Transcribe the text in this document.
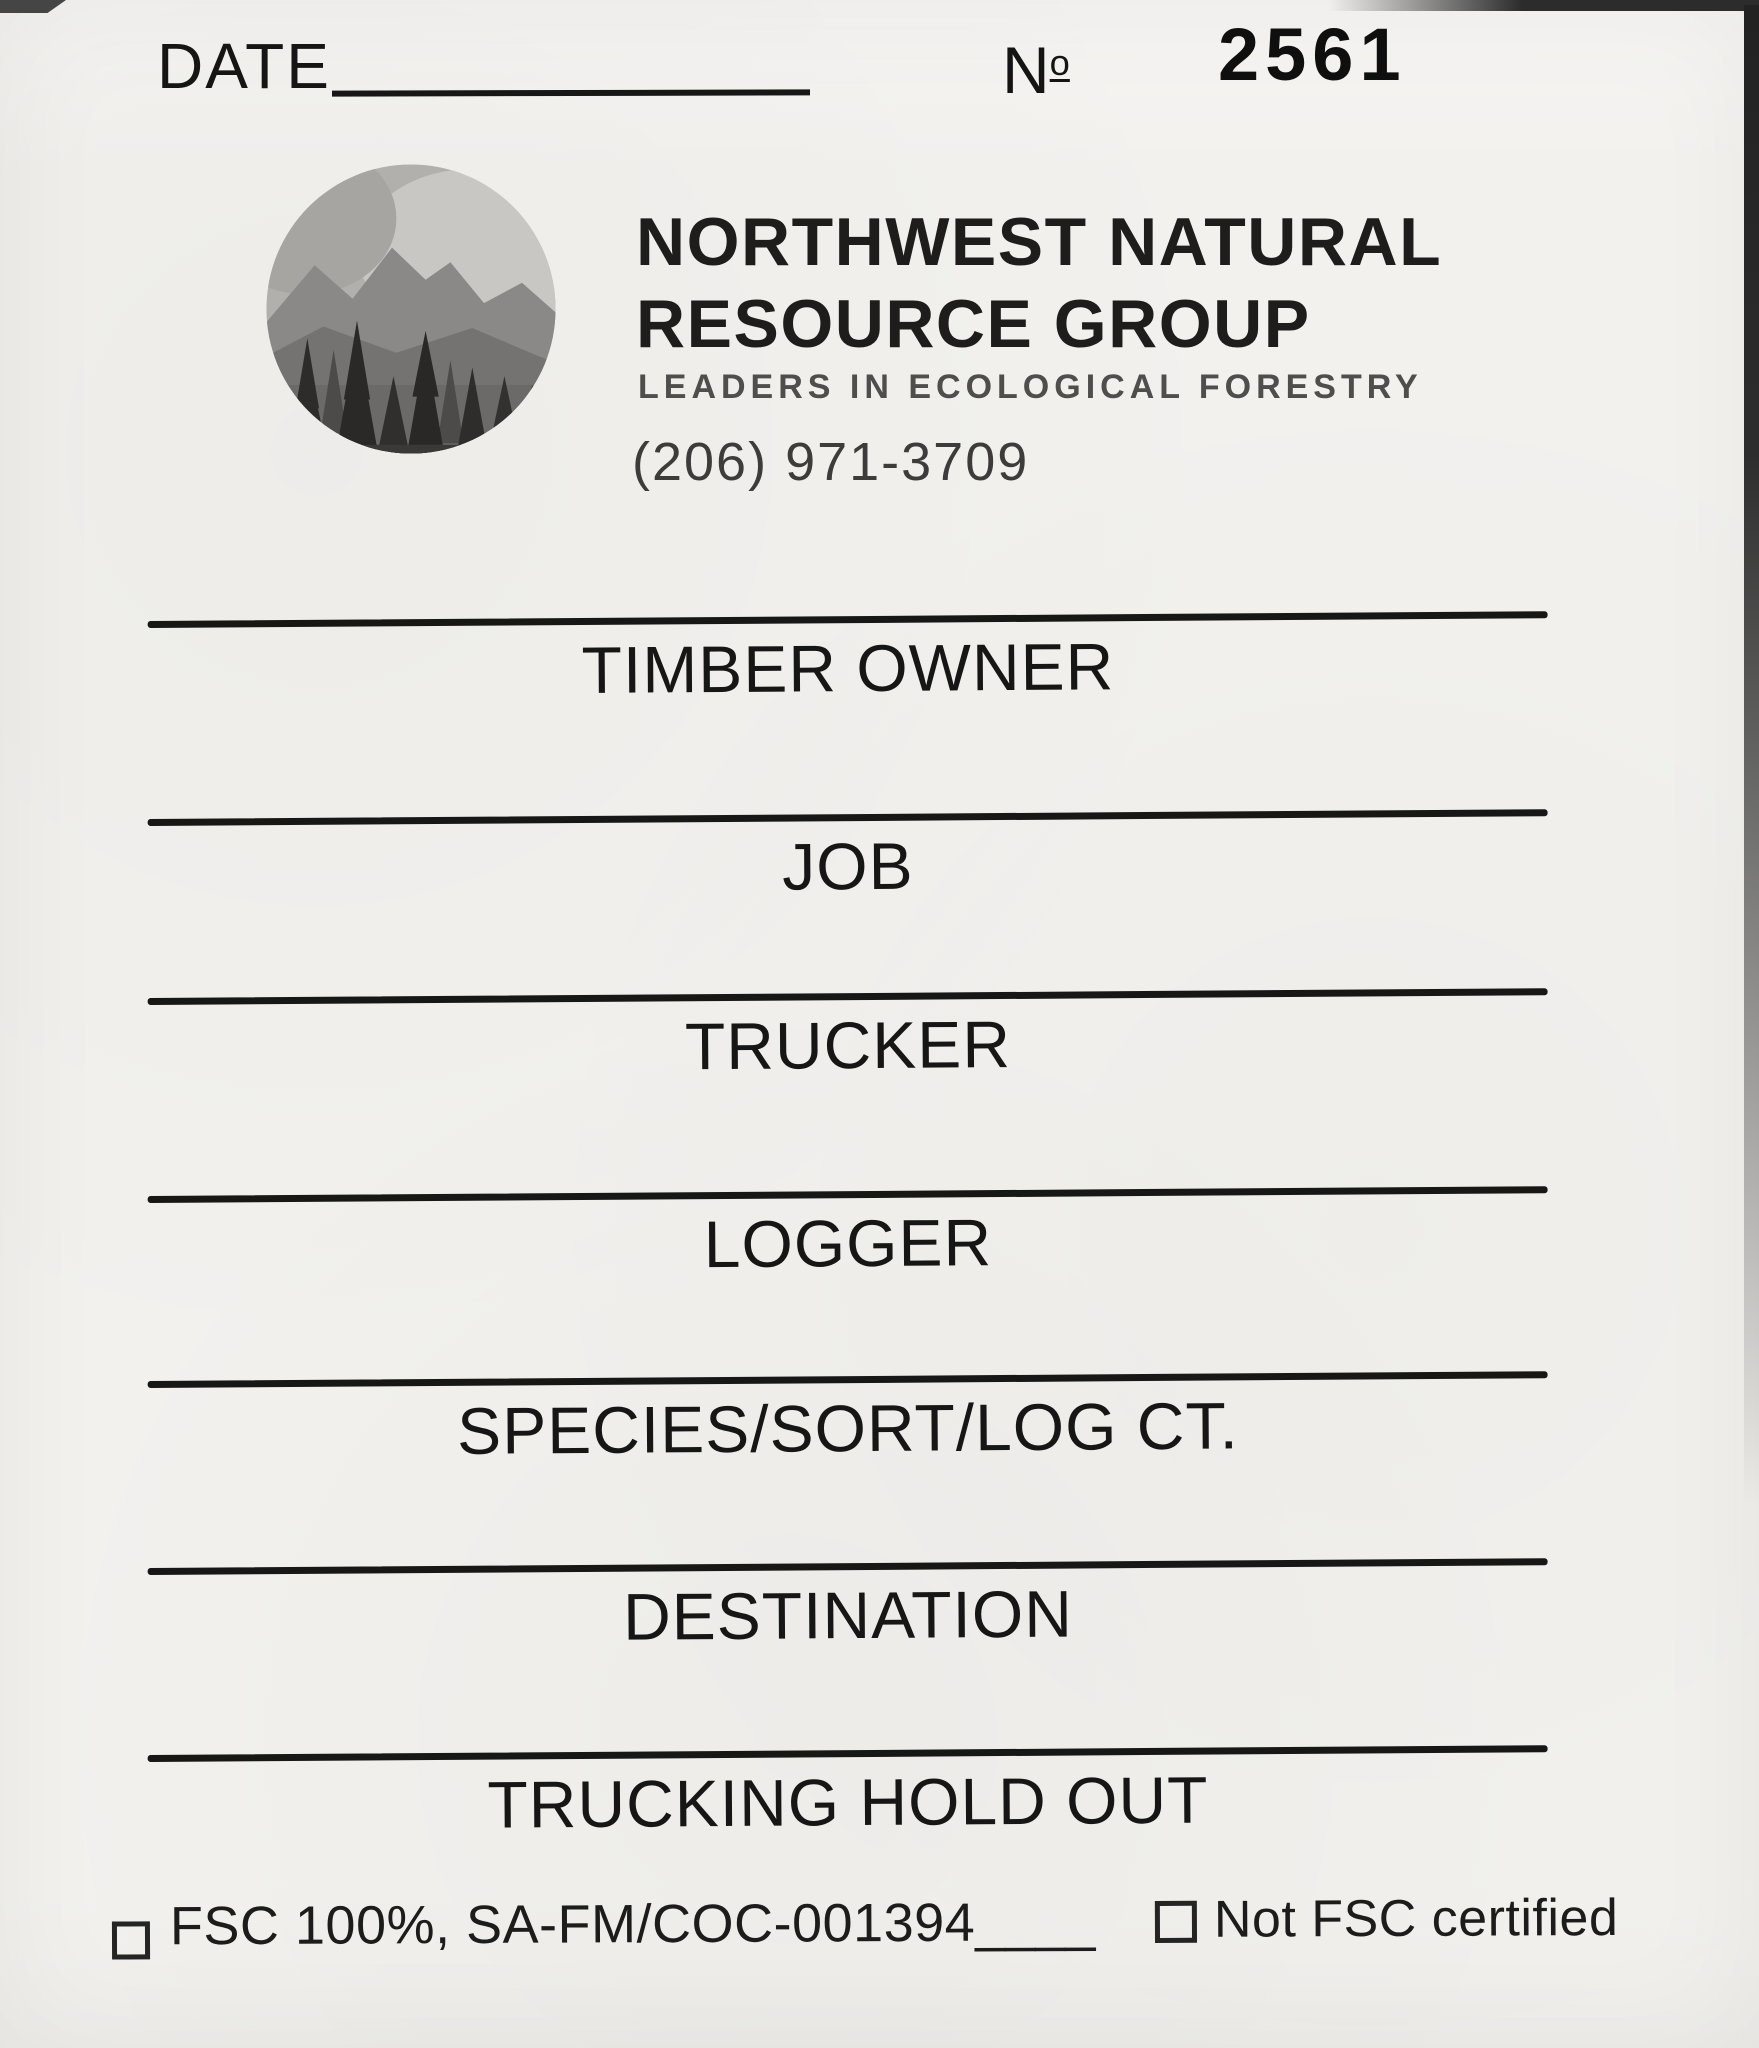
DATE	$N^o$ 2561
NORTHWEST NATURAL
RESOURCE GROUP
LEADERS IN ECOLOGICAL FORESTRY
(206) 971-3709
TIMBER OWNER
JOB
TRUCKER
LOGGER
SPECIES/SORT/LOG CT.
DESTINATION
TRUCKING HOLD OUT
FSC 100%, SA-FM/COC-001394____ Not FSC certified
